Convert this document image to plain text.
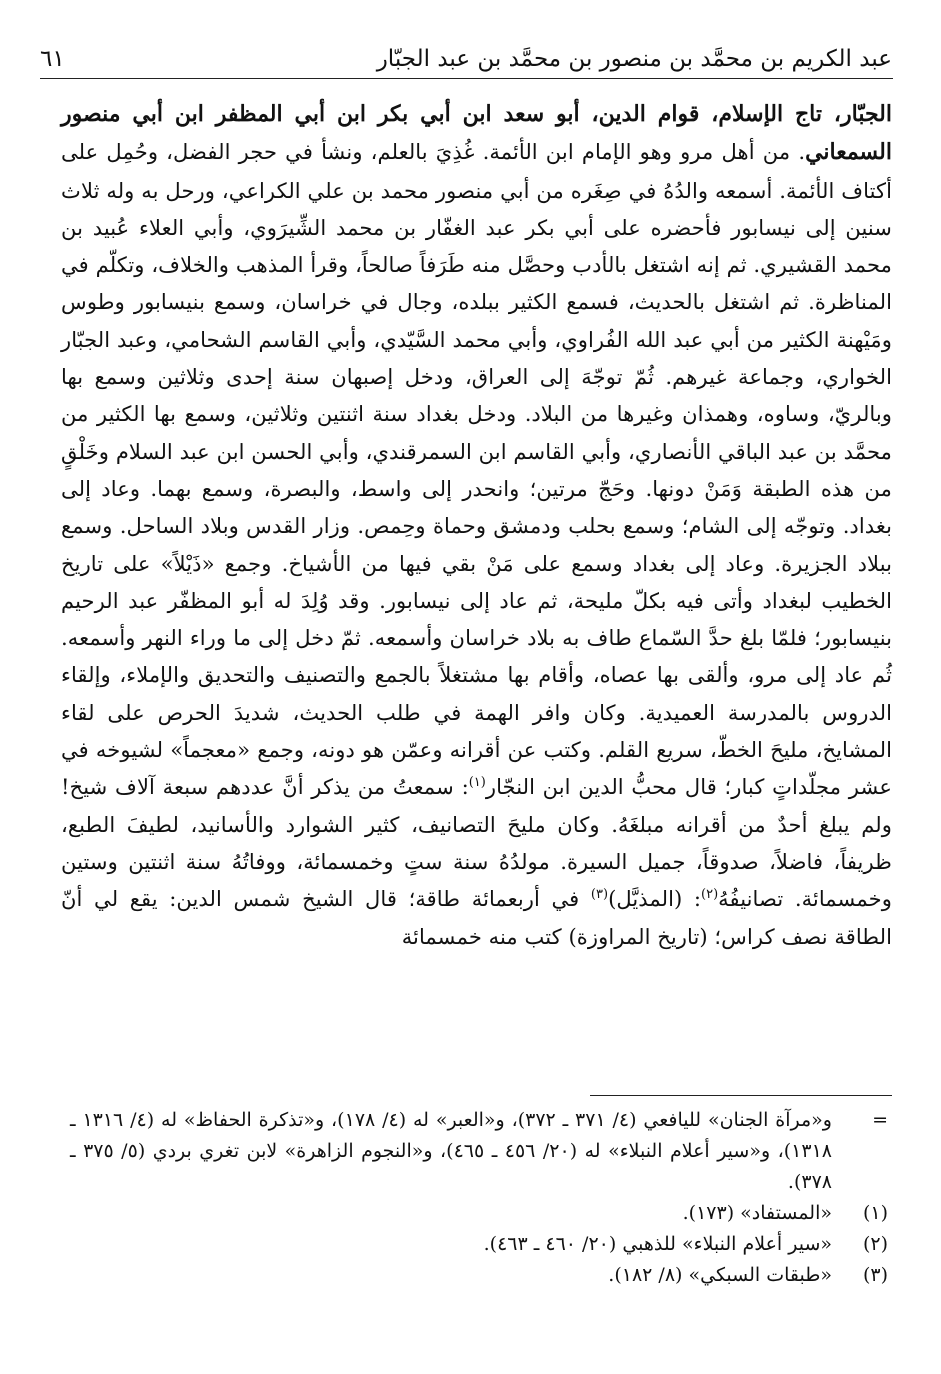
عبد الكريم بن محمَّد بن منصور بن محمَّد بن عبد الجبّار
٦١

الجبّار، تاج الإسلام، قوام الدين، أبو سعد ابن أبي بكر ابن أبي المظفر ابن أبي منصور السمعاني. من أهل مرو وهو الإمام ابن الأئمة. غُذِيَ بالعلم، ونشأ في حجر الفضل، وحُمِل على أكتاف الأئمة. أسمعه والدُهُ في صِغَره من أبي منصور محمد بن علي الكراعي، ورحل به وله ثلاث سنين إلى نيسابور فأحضره على أبي بكر عبد الغفّار بن محمد الشِّيرَوي، وأبي العلاء عُبيد بن محمد القشيري. ثم إنه اشتغل بالأدب وحصَّل منه طَرَفاً صالحاً، وقرأ المذهب والخلاف، وتكلّم في المناظرة. ثم اشتغل بالحديث، فسمع الكثير ببلده، وجال في خراسان، وسمع بنيسابور وطوس ومَيْهنة الكثير من أبي عبد الله الفُراوي، وأبي محمد السَّيّدي، وأبي القاسم الشحامي، وعبد الجبّار الخواري، وجماعة غيرهم. ثُمّ توجّهَ إلى العراق، ودخل إصبهان سنة إحدى وثلاثين وسمع بها وبالريّ، وساوه، وهمذان وغيرها من البلاد. ودخل بغداد سنة اثنتين وثلاثين، وسمع بها الكثير من محمَّد بن عبد الباقي الأنصاري، وأبي القاسم ابن السمرقندي، وأبي الحسن ابن عبد السلام وخَلْقٍ من هذه الطبقة وَمَنْ دونها. وحَجّ مرتين؛ وانحدر إلى واسط، والبصرة، وسمع بهما. وعاد إلى بغداد. وتوجّه إلى الشام؛ وسمع بحلب ودمشق وحماة وحِمص. وزار القدس وبلاد الساحل. وسمع ببلاد الجزيرة. وعاد إلى بغداد وسمع على مَنْ بقي فيها من الأشياخ. وجمع «ذَيْلاً» على تاريخ الخطيب لبغداد وأتى فيه بكلّ مليحة، ثم عاد إلى نيسابور. وقد وُلِدَ له أبو المظفّر عبد الرحيم بنيسابور؛ فلمّا بلغ حدَّ السّماع طاف به بلاد خراسان وأسمعه. ثمّ دخل إلى ما وراء النهر وأسمعه. ثُم عاد إلى مرو، وألقى بها عصاه، وأقام بها مشتغلاً بالجمع والتصنيف والتحديق والإملاء، وإلقاء الدروس بالمدرسة العميدية. وكان وافر الهمة في طلب الحديث، شديدَ الحرص على لقاء المشايخ، مليحَ الخطّ، سريع القلم. وكتب عن أقرانه وعمّن هو دونه، وجمع «معجماً» لشيوخه في عشر مجلّداتٍ كبار؛ قال محبُّ الدين ابن النجّار$^{(١)}$: سمعتُ من يذكر أنَّ عددهم سبعة آلاف شيخ! ولم يبلغ أحدٌ من أقرانه مبلغَهُ. وكان مليحَ التصانيف، كثير الشوارد والأسانيد، لطيفَ الطبع، ظريفاً، فاضلاً، صدوقاً، جميل السيرة. مولدُهُ سنة ستٍ وخمسمائة، ووفاتُهُ سنة اثنتين وستين وخمسمائة. تصانيفُهُ$^{(٢)}$: (المذيَّل)$^{(٣)}$ في أربعمائة طاقة؛ قال الشيخ شمس الدين: يقع لي أنّ الطاقة نصف كراس؛ (تاريخ المراوزة) كتب منه خمسمائة

=
و«مرآة الجنان» لليافعي (٤/ ٣٧١ ـ ٣٧٢)، و«العبر» له (٤/ ١٧٨)، و«تذكرة الحفاظ» له (٤/ ١٣١٦ ـ ١٣١٨)، و«سير أعلام النبلاء» له (٢٠/ ٤٥٦ ـ ٤٦٥)، و«النجوم الزاهرة» لابن تغري بردي (٥/ ٣٧٥ ـ ٣٧٨).
(١)
«المستفاد» (١٧٣).
(٢)
«سير أعلام النبلاء» للذهبي (٢٠/ ٤٦٠ ـ ٤٦٣).
(٣)
«طبقات السبكي» (٨/ ١٨٢).
